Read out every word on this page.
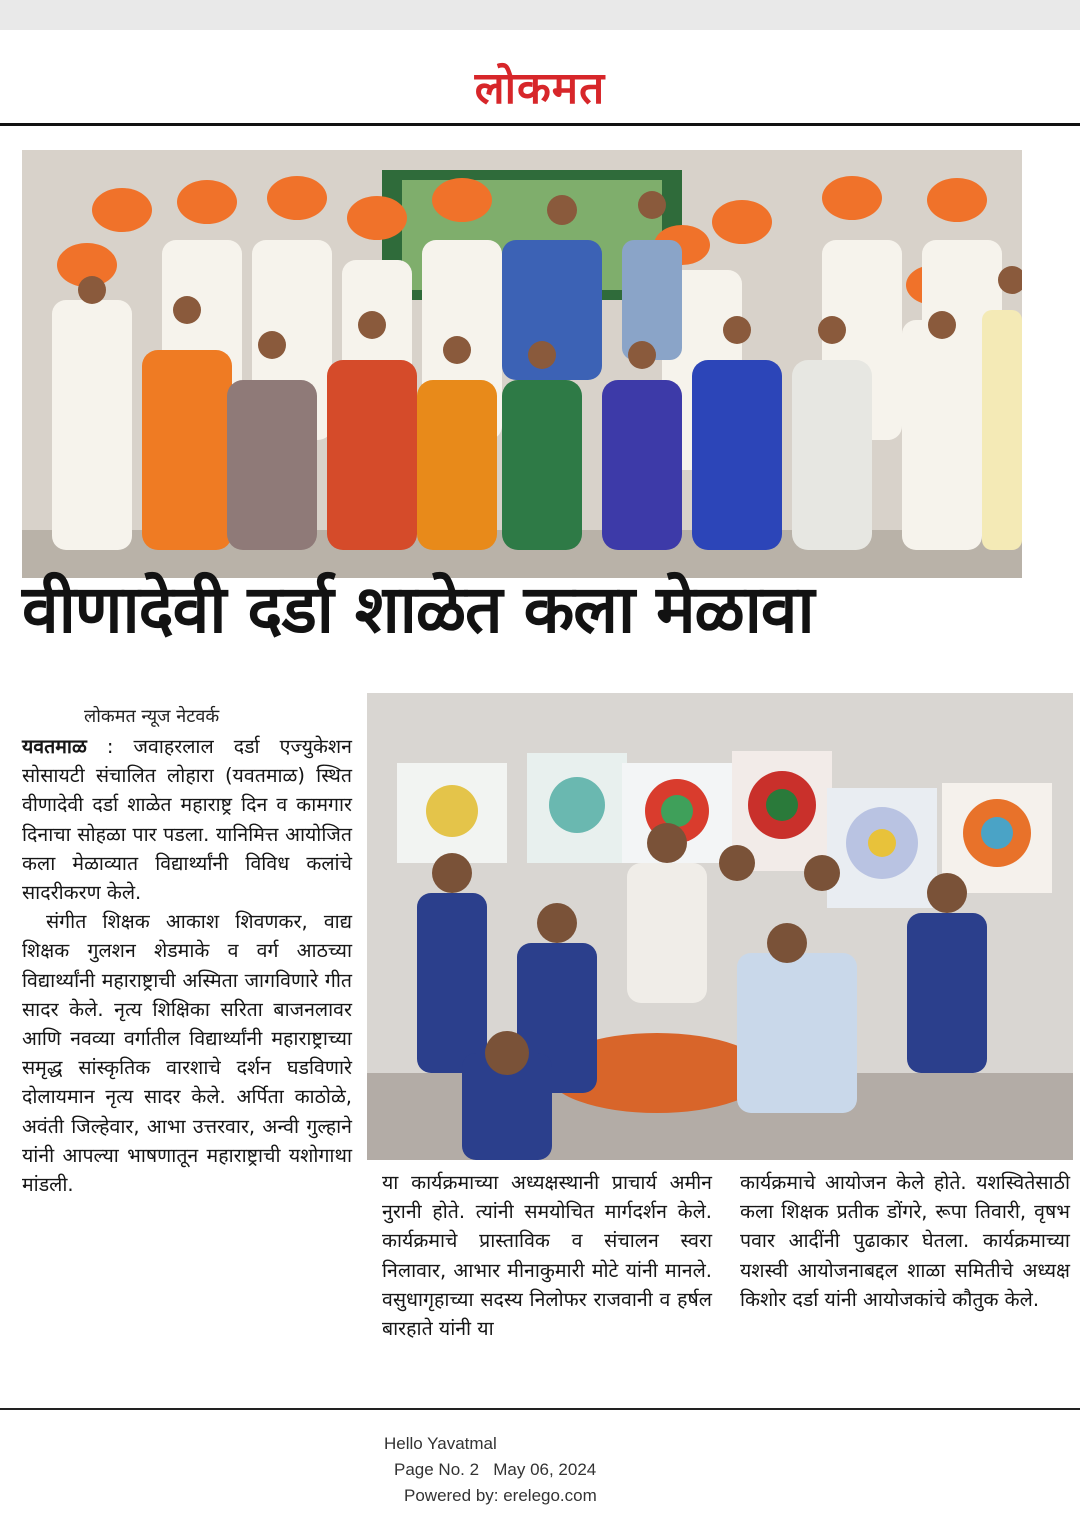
लोकमत
वीणादेवी दर्डा शाळेत कला मेळावा
लोकमत न्यूज नेटवर्क

यवतमाळ : जवाहरलाल दर्डा एज्युकेशन सोसायटी संचालित लोहारा (यवतमाळ) स्थित वीणादेवी दर्डा शाळेत महाराष्ट्र दिन व कामगार दिनाचा सोहळा पार पडला. यानिमित्त आयोजित कला मेळाव्यात विद्यार्थ्यांनी विविध कलांचे सादरीकरण केले.

संगीत शिक्षक आकाश शिवणकर, वाद्य शिक्षक गुलशन शेडमाके व वर्ग आठच्या विद्यार्थ्यांनी महाराष्ट्राची अस्मिता जागविणारे गीत सादर केले. नृत्य शिक्षिका सरिता बाजनलावर आणि नवव्या वर्गातील विद्यार्थ्यांनी महाराष्ट्राच्या समृद्ध सांस्कृतिक वारशाचे दर्शन घडविणारे दोलायमान नृत्य सादर केले. अर्पिता काठोळे, अवंती जिल्हेवार, आभा उत्तरवार, अन्वी गुल्हाने यांनी आपल्या भाषणातून महाराष्ट्राची यशोगाथा मांडली.	या कार्यक्रमाच्या अध्यक्षस्थानी प्राचार्य अमीन नुरानी होते. त्यांनी समयोचित मार्गदर्शन केले. कार्यक्रमाचे प्रास्ताविक व संचालन स्वरा निलावार, आभार मीनाकुमारी मोटे यांनी मानले. वसुधागृहाच्या सदस्य निलोफर राजवानी व हर्षल बारहाते यांनी या

कार्यक्रमाचे आयोजन केले होते. यशस्वितेसाठी कला शिक्षक प्रतीक डोंगरे, रूपा तिवारी, वृषभ पवार आदींनी पुढाकार घेतला. कार्यक्रमाच्या यशस्वी आयोजनाबद्दल शाळा समितीचे अध्यक्ष किशोर दर्डा यांनी आयोजकांचे कौतुक केले.

Hello Yavatmal
Page No. 2 May 06, 2024
Powered by: erelego.com
